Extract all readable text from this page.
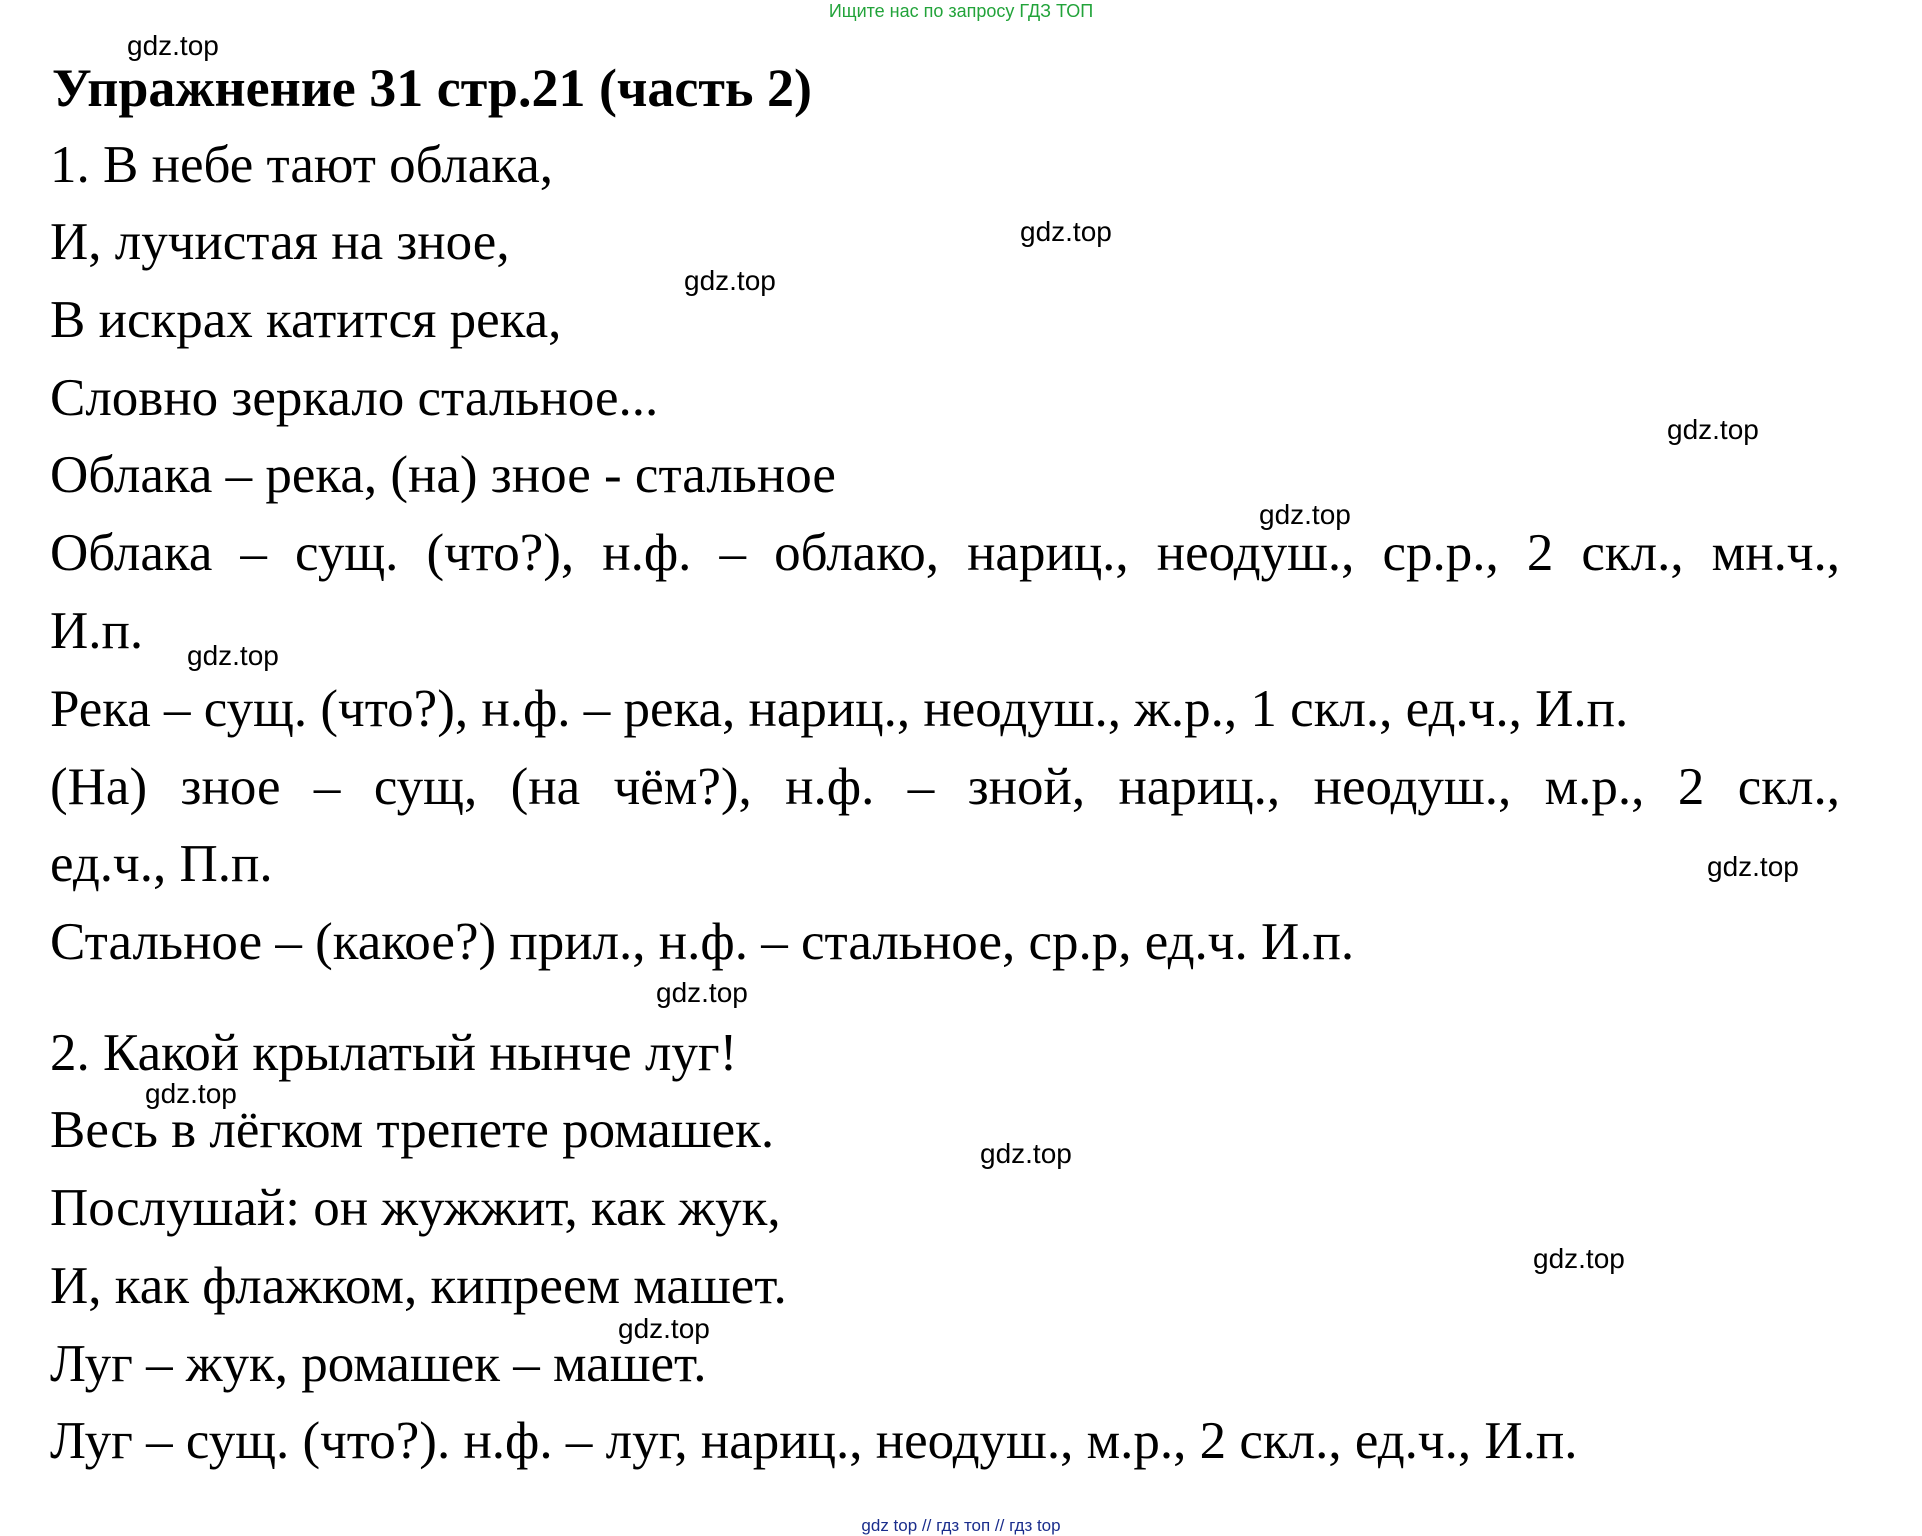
Ищите нас по запросу ГДЗ ТОП
Упражнение 31 стр.21 (часть 2)
1. В небе тают облака,
И, лучистая на зное,
В искрах катится река,
Словно зеркало стальное...
Облака – река, (на) зное - стальное
Облака – сущ. (что?), н.ф. – облако, нариц., неодуш., ср.р., 2 скл., мн.ч.,
И.п.
Река – сущ. (что?), н.ф. – река, нариц., неодуш., ж.р., 1 скл., ед.ч., И.п.
(На) зное – сущ, (на чём?), н.ф. – зной, нариц., неодуш., м.р., 2 скл.,
ед.ч., П.п.
Стальное – (какое?) прил., н.ф. – стальное, ср.р, ед.ч. И.п.
2. Какой крылатый нынче луг!
Весь в лёгком трепете ромашек.
Послушай: он жужжит, как жук,
И, как флажком, кипреем машет.
Луг – жук, ромашек – машет.
Луг – сущ. (что?). н.ф. – луг, нариц., неодуш., м.р., 2 скл., ед.ч., И.п.
gdz.top
gdz.top
gdz.top
gdz.top
gdz.top
gdz.top
gdz.top
gdz.top
gdz.top
gdz.top
gdz.top
gdz.top
gdz top // гдз топ // гдз top
